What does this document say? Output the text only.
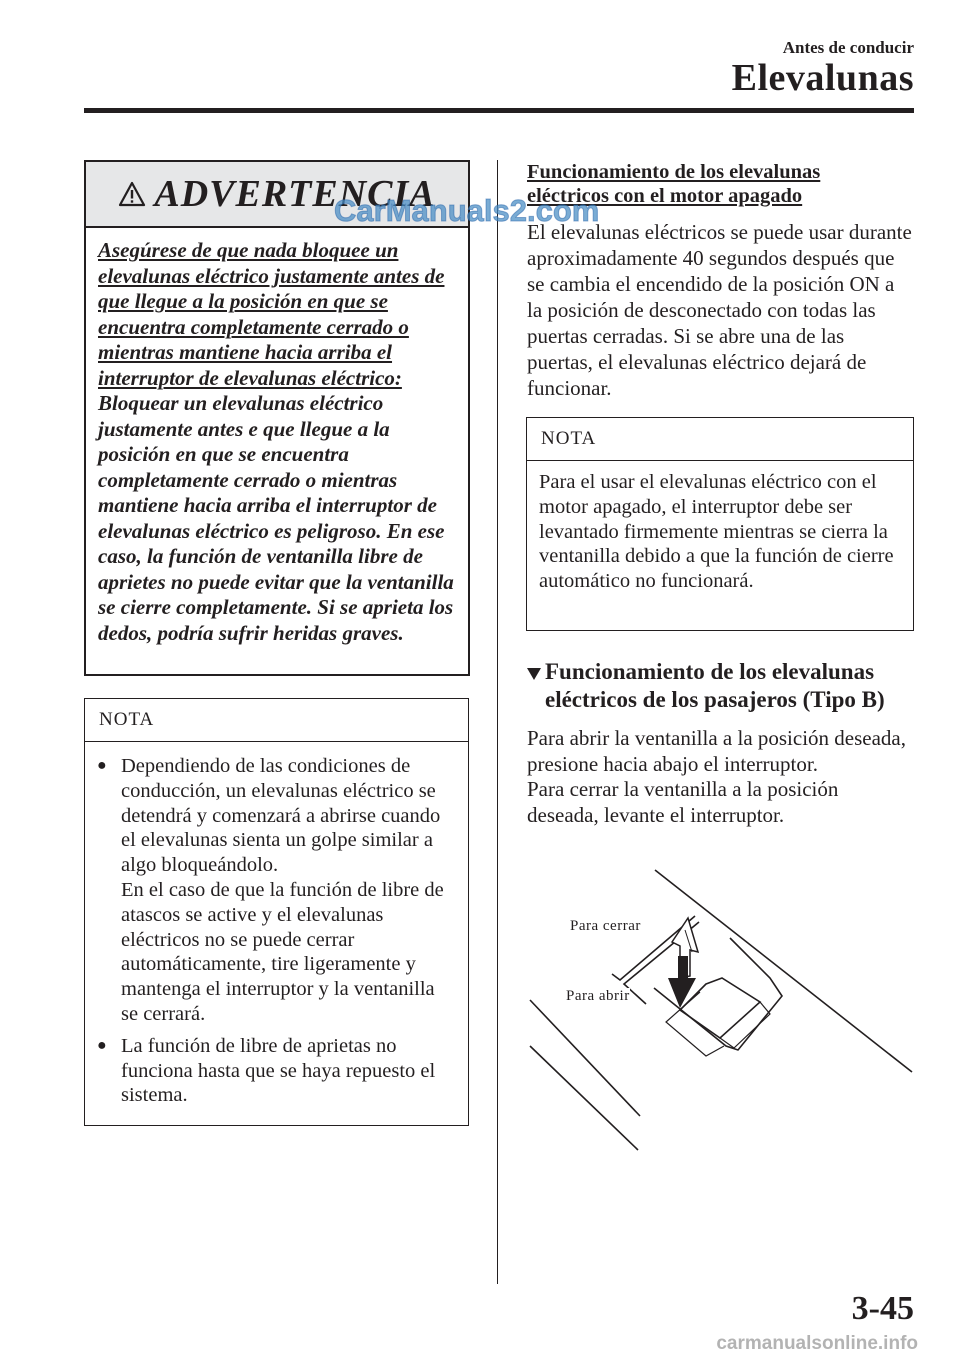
Antes de conducir
Elevalunas
ADVERTENCIA

Asegúrese de que nada bloquee un elevalunas eléctrico justamente antes de que llegue a la posición en que se encuentra completamente cerrado o mientras mantiene hacia arriba el interruptor de elevalunas eléctrico:

Bloquear un elevalunas eléctrico justamente antes e que llegue a la posición en que se encuentra completamente cerrado o mientras mantiene hacia arriba el interruptor de elevalunas eléctrico es peligroso. En ese caso, la función de ventanilla libre de aprietes no puede evitar que la ventanilla se cierre completamente. Si se aprieta los dedos, podría sufrir heridas graves.

NOTA
● Dependiendo de las condiciones de conducción, un elevalunas eléctrico se detendrá y comenzará a abrirse cuando el elevalunas sienta un golpe similar a algo bloqueándolo.
En el caso de que la función de libre de atascos se active y el elevalunas eléctricos no se puede cerrar automáticamente, tire ligeramente y mantenga el interruptor y la ventanilla se cerrará.
● La función de libre de aprietas no funciona hasta que se haya repuesto el sistema.
Funcionamiento de los elevalunas eléctricos con el motor apagado
El elevalunas eléctricos se puede usar durante aproximadamente 40 segundos después que se cambia el encendido de la posición ON a la posición de desconectado con todas las puertas cerradas. Si se abre una de las puertas, el elevalunas eléctrico dejará de funcionar.
NOTA
Para el usar el elevalunas eléctrico con el motor apagado, el interruptor debe ser levantado firmemente mientras se cierra la ventanilla debido a que la función de cierre automático no funcionará.
Funcionamiento de los elevalunas eléctricos de los pasajeros (Tipo B)
Para abrir la ventanilla a la posición deseada, presione hacia abajo el interruptor.
Para cerrar la ventanilla a la posición deseada, levante el interruptor.
Para cerrar
Para abrir
CarManuals2.com
3-45
carmanualsonline.info
